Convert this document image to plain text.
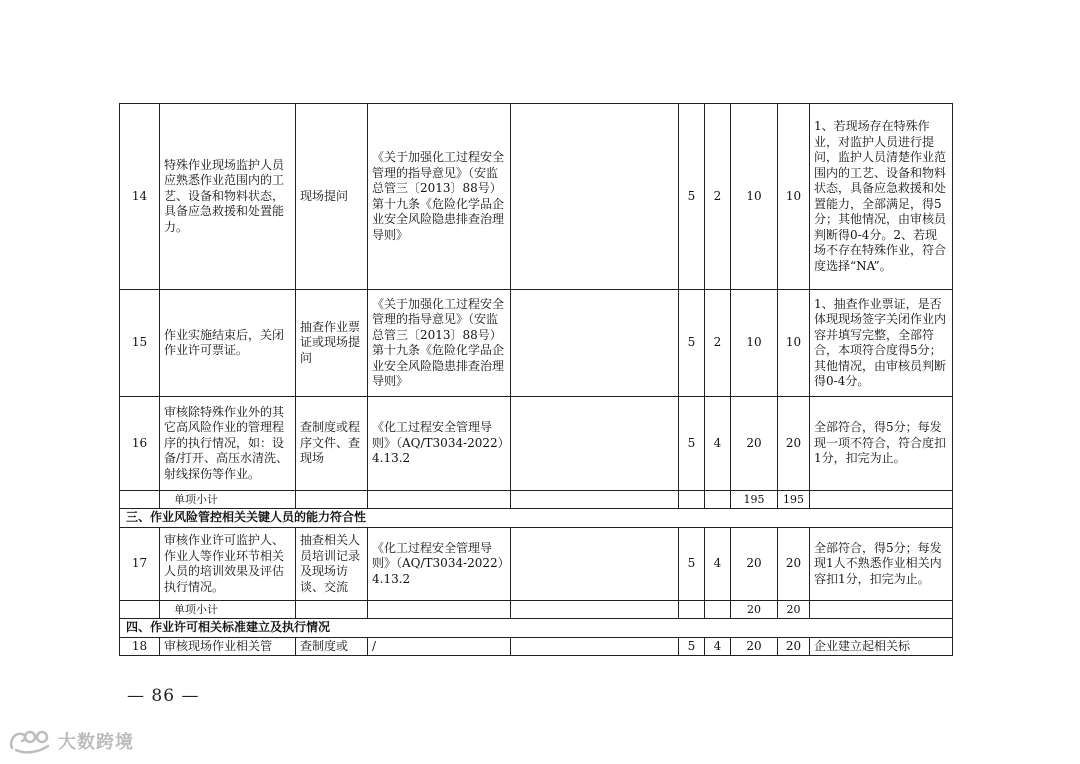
14	特殊作业现场监护人员应熟悉作业范围内的工艺、设备和物料状态，具备应急救援和处置能力。	现场提问	《关于加强化工过程安全管理的指导意见》（安监总管三〔2013〕88号）第十九条《危险化学品企业安全风险隐患排查治理导则》		5	2	10	10	1、若现场存在特殊作业，对监护人员进行提问，监护人员清楚作业范围内的工艺、设备和物料状态，具备应急救援和处置能力，全部满足，得5分；其他情况，由审核员判断得0-4分。2、若现场不存在特殊作业，符合度选择“NA”。
15	作业实施结束后，关闭作业许可票证。	抽查作业票证或现场提问	《关于加强化工过程安全管理的指导意见》（安监总管三〔2013〕88号）第十九条《危险化学品企业安全风险隐患排查治理导则》		5	2	10	10	1、抽查作业票证，是否体现现场签字关闭作业内容并填写完整，全部符合，本项符合度得5分；其他情况，由审核员判断得0-4分。
16	审核除特殊作业外的其它高风险作业的管理程序的执行情况，如：设备/打开、高压水清洗、射线探伤等作业。	查制度或程序文件、查现场	《化工过程安全管理导则》（AQ/T3034-2022）4.13.2		5	4	20	20	全部符合，得5分；每发现一项不符合，符合度扣1分，扣完为止。
	单项小计						195	195	
三、作业风险管控相关关键人员的能力符合性									
17	审核作业许可监护人、作业人等作业环节相关人员的培训效果及评估执行情况。	抽查相关人员培训记录及现场访谈、交流	《化工过程安全管理导则》（AQ/T3034-2022）4.13.2		5	4	20	20	全部符合，得5分；每发现1人不熟悉作业相关内容扣1分，扣完为止。
	单项小计						20	20	
四、作业许可相关标准建立及执行情况									
18	审核现场作业相关管	查制度或	/		5	4	20	20	企业建立起相关标
— 86 —
大数跨境
